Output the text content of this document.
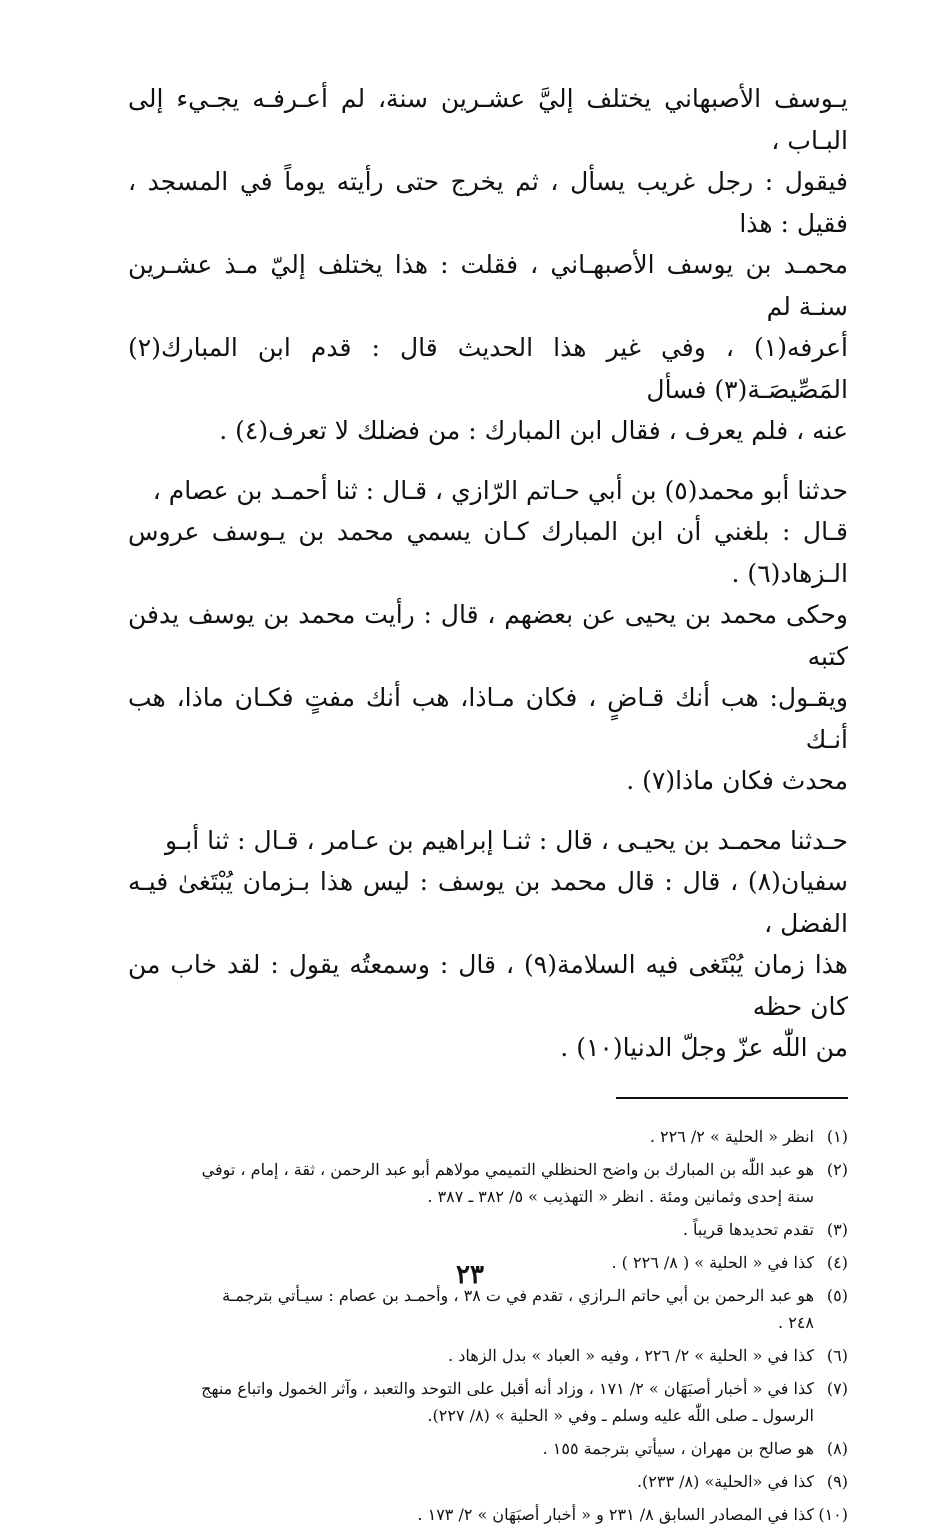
يـوسف الأصبهاني يختلف إليَّ عشـرين سنة، لم أعـرفـه يجـيء إلى البـاب ،

فيقول : رجل غريب يسأل ، ثم يخرج حتى رأيته يوماً في المسجد ، فقيل : هذا

محمـد بن يوسف الأصبهـاني ، فقلت : هذا يختلف إليّ مـذ عشـرين سنـة لم

أعرفه(١) ، وفي غير هذا الحديث قال : قدم ابن المبارك(٢) المَصِّيصَـة(٣) فسأل

عنه ، فلم يعرف ، فقال ابن المبارك : من فضلك لا تعرف(٤) .

حدثنا أبو محمد(٥) بن أبي حـاتم الرّازي ، قـال : ثنا أحمـد بن عصام ،

قـال : بلغني أن ابن المبارك كـان يسمي محمد بن يـوسف عروس الـزهاد(٦) .

وحكى محمد بن يحيى عن بعضهم ، قال : رأيت محمد بن يوسف يدفن كتبه

ويقـول: هب أنك قـاضٍ ، فكان مـاذا، هب أنك مفتٍ فكـان ماذا، هب أنـك

محدث فكان ماذا(٧) .

حـدثنا محمـد بن يحيـى ، قال : ثنـا إبراهيم بن عـامر ، قـال : ثنا أبـو

سفيان(٨) ، قال : قال محمد بن يوسف : ليس هذا بـزمان يُبْتَغىٰ فيـه الفضل ،

هذا زمان يُبْتَغى فيه السلامة(٩) ، قال : وسمعتُه يقول : لقد خاب من كان حظه

من اللّٰه عزّ وجلّ الدنيا(١٠) .

(١)
انظر « الحلية » ٢/ ٢٢٦ .
(٢)
هو عبد اللّٰه بن المبارك بن واضح الحنظلي التميمي مولاهم أبو عبد الرحمن ، ثقة ، إمام ، توفي
سنة إحدى وثمانين ومئة . انظر « التهذيب » ٥/ ٣٨٢ ـ ٣٨٧ .
(٣)
تقدم تحديدها قريباً .
(٤)
كذا في « الحلية » ( ٨/ ٢٢٦ ) .
(٥)
هو عبد الرحمن بن أبي حاتم الـرازي ، تقدم في ت ٣٨ ، وأحمـد بن عصام : سيـأتي بترجمـة
٢٤٨ .
(٦)
كذا في « الحلية » ٢/ ٢٢٦ ، وفيه « العباد » بدل الزهاد .
(٧)
كذا في « أخبار أصبَهَان » ٢/ ١٧١ ، وزاد أنه أقبل على التوحد والتعبد ، وآثر الخمول واتباع منهج
الرسول ـ صلى اللّٰه عليه وسلم ـ وفي « الحلية » (٨/ ٢٢٧).
(٨)
هو صالح بن مهران ، سيأتي بترجمة ١٥٥ .
(٩)
كذا في «الحلية» (٨/ ٢٣٣).
(١٠)
كذا في المصادر السابق ٨/ ٢٣١ و « أخبار أصبَهَان » ٢/ ١٧٣ .
٢٣
